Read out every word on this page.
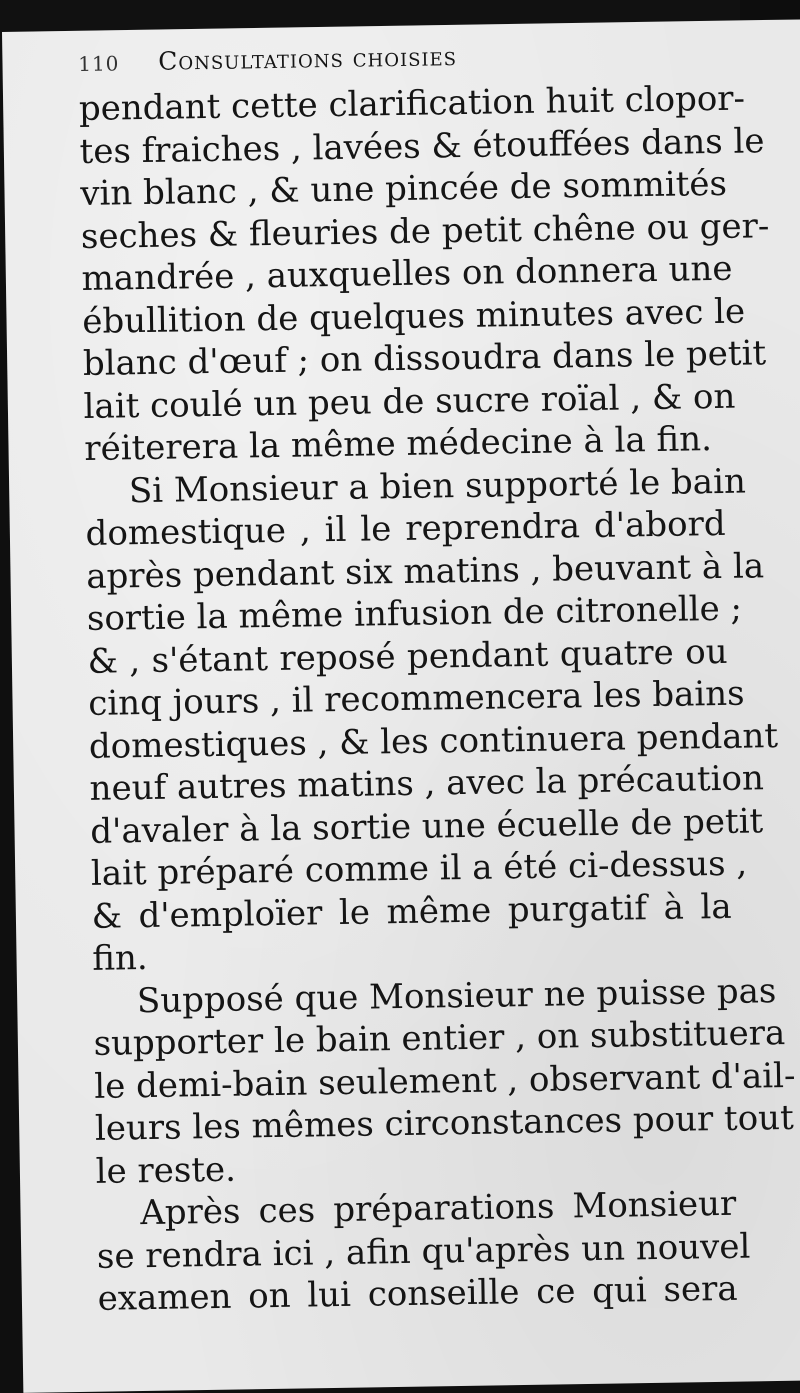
110	Consultations choisies
pendant cette clarification huit clopor-
tes fraiches , lavées & étouffées dans le
vin blanc , & une pincée de sommités
seches & fleuries de petit chêne ou ger-
mandrée , auxquelles on donnera une
ébullition de quelques minutes avec le
blanc d'œuf ; on dissoudra dans le petit
lait coulé un peu de sucre roïal , & on
réiterera la même médecine à la fin.
Si Monsieur a bien supporté le bain
domestique , il le reprendra d'abord
après pendant six matins , beuvant à la
sortie la même infusion de citronelle ;
& , s'étant reposé pendant quatre ou
cinq jours , il recommencera les bains
domestiques , & les continuera pendant
neuf autres matins , avec la précaution
d'avaler à la sortie une écuelle de petit
lait préparé comme il a été ci-dessus ,
& d'emploïer le même purgatif à la
fin.
Supposé que Monsieur ne puisse pas
supporter le bain entier , on substituera
le demi-bain seulement , observant d'ail-
leurs les mêmes circonstances pour tout
le reste.
Après ces préparations Monsieur
se rendra ici , afin qu'après un nouvel
examen on lui conseille ce qui sera
